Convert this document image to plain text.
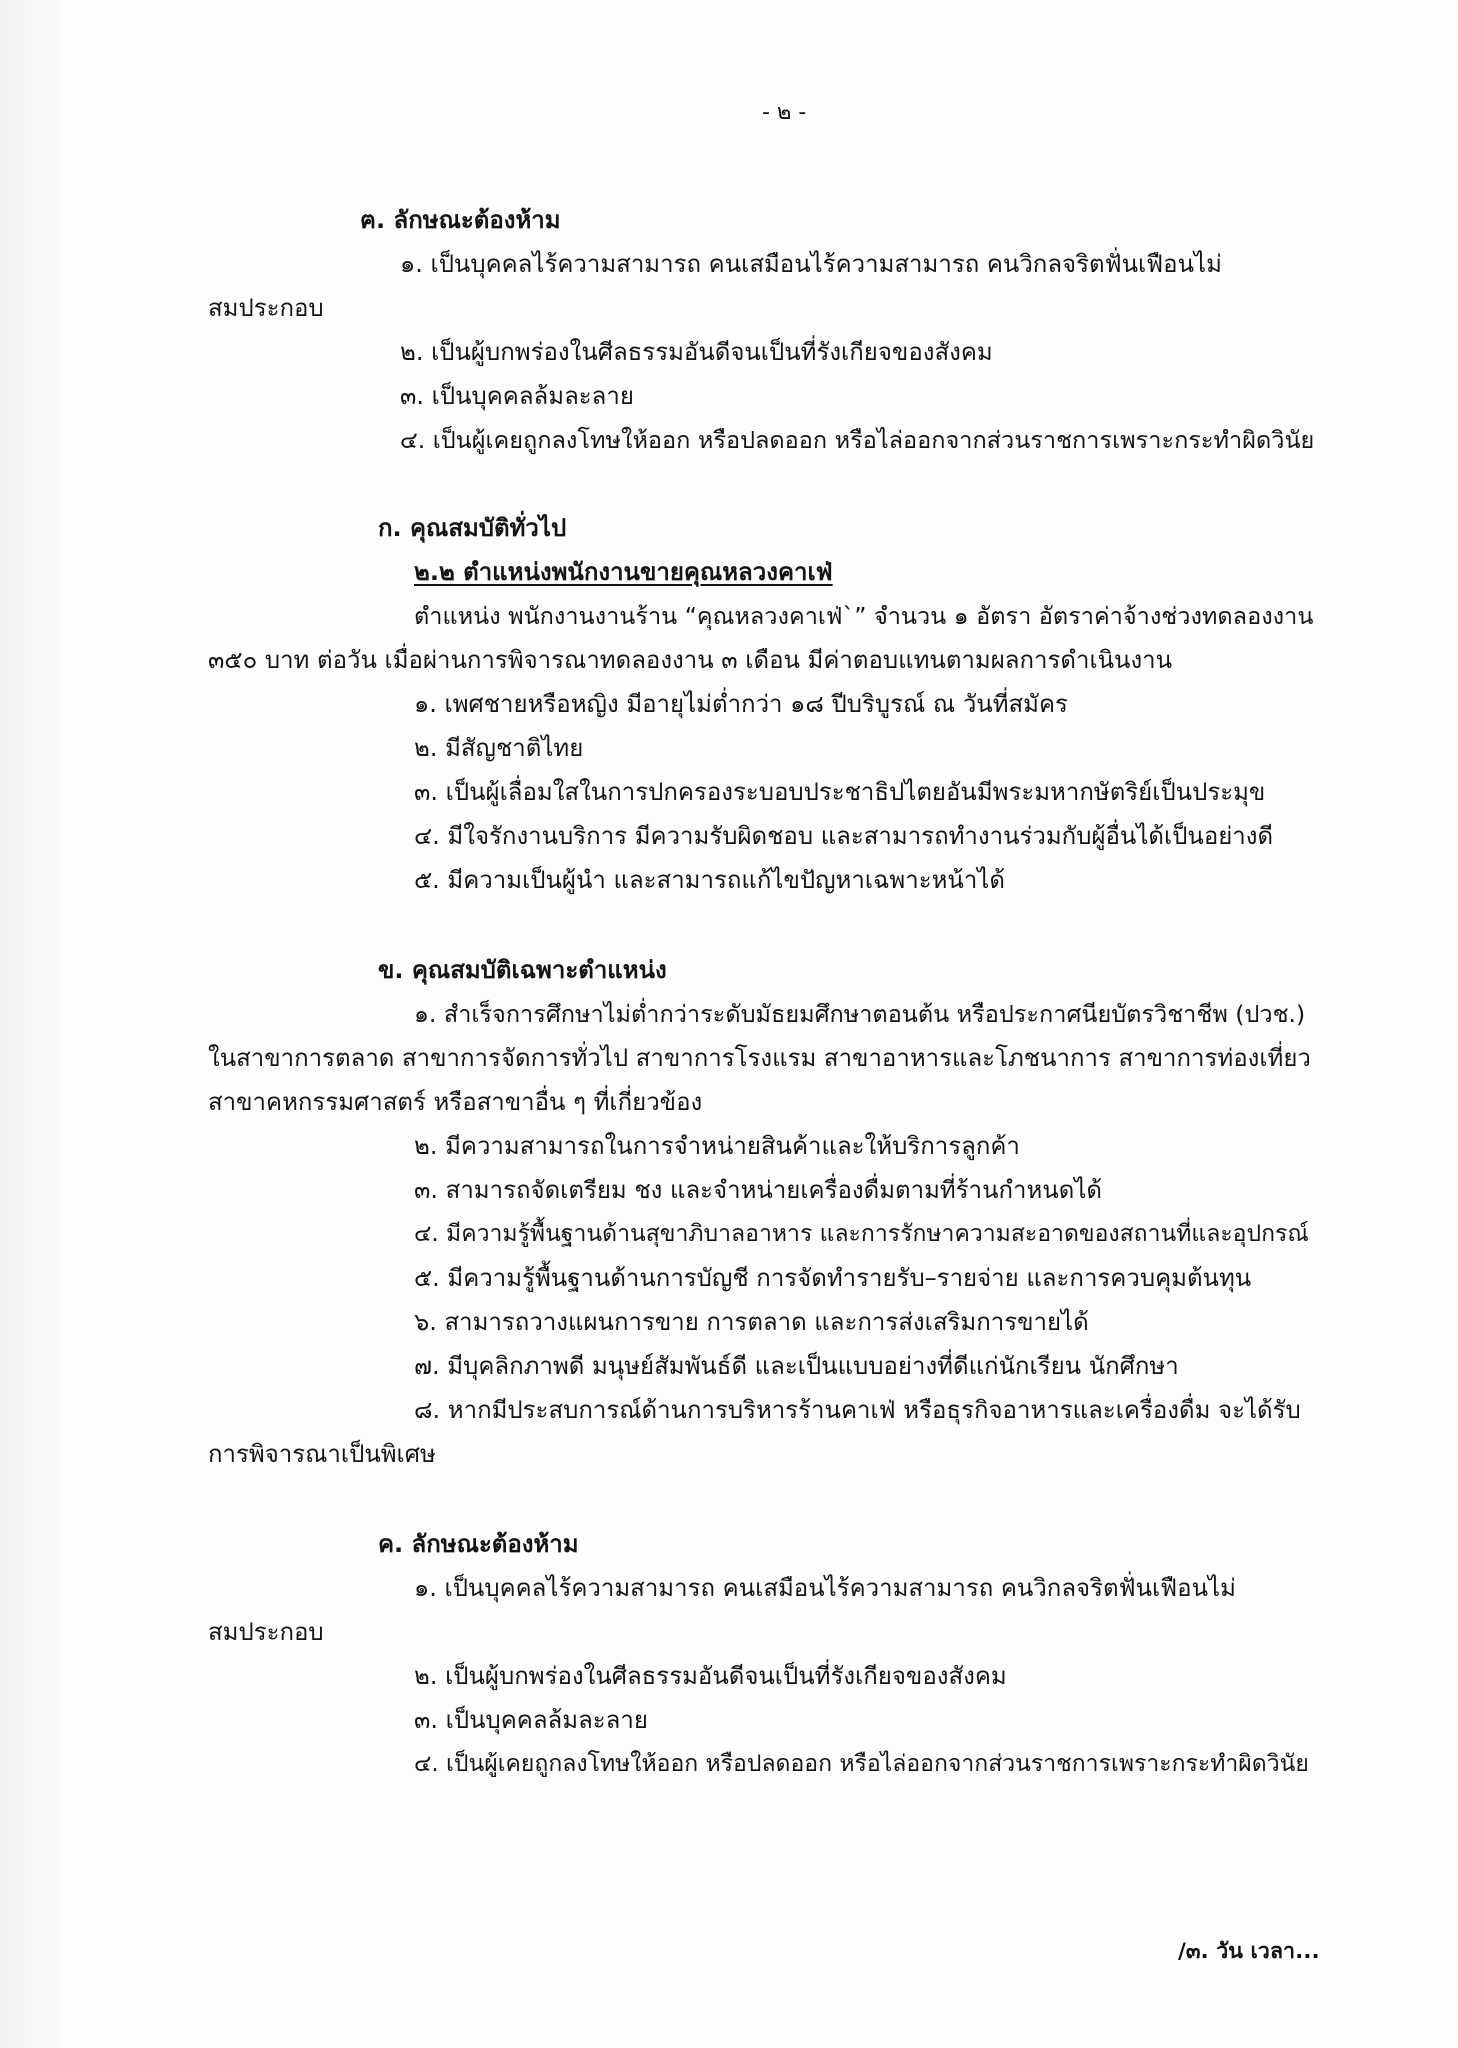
- ๒ -
ฅ. ลักษณะต้องห้าม
๑. เป็นบุคคลไร้ความสามารถ คนเสมือนไร้ความสามารถ คนวิกลจริตฟั่นเฟือนไม่
สมประกอบ
๒. เป็นผู้บกพร่องในศีลธรรมอันดีจนเป็นที่รังเกียจของสังคม
๓. เป็นบุคคลล้มละลาย
๔. เป็นผู้เคยถูกลงโทษให้ออก หรือปลดออก หรือไล่ออกจากส่วนราชการเพราะกระทำผิดวินัย
ก. คุณสมบัติทั่วไป
๒.๒ ตำแหน่งพนักงานขายคุณหลวงคาเฟ่
ตำแหน่ง พนักงานงานร้าน “คุณหลวงคาเฟ่`” จำนวน ๑ อัตรา อัตราค่าจ้างช่วงทดลองงาน
๓๕๐ บาท ต่อวัน เมื่อผ่านการพิจารณาทดลองงาน ๓ เดือน มีค่าตอบแทนตามผลการดำเนินงาน
๑. เพศชายหรือหญิง มีอายุไม่ต่ำกว่า ๑๘ ปีบริบูรณ์ ณ วันที่สมัคร
๒. มีสัญชาติไทย
๓. เป็นผู้เลื่อมใสในการปกครองระบอบประชาธิปไตยอันมีพระมหากษัตริย์เป็นประมุข
๔. มีใจรักงานบริการ มีความรับผิดชอบ และสามารถทำงานร่วมกับผู้อื่นได้เป็นอย่างดี
๕. มีความเป็นผู้นำ และสามารถแก้ไขปัญหาเฉพาะหน้าได้
ข. คุณสมบัติเฉพาะตำแหน่ง
๑. สำเร็จการศึกษาไม่ต่ำกว่าระดับมัธยมศึกษาตอนต้น หรือประกาศนียบัตรวิชาชีพ (ปวช.)
ในสาขาการตลาด สาขาการจัดการทั่วไป สาขาการโรงแรม สาขาอาหารและโภชนาการ สาขาการท่องเที่ยว
สาขาคหกรรมศาสตร์ หรือสาขาอื่น ๆ ที่เกี่ยวข้อง
๒. มีความสามารถในการจำหน่ายสินค้าและให้บริการลูกค้า
๓. สามารถจัดเตรียม ชง และจำหน่ายเครื่องดื่มตามที่ร้านกำหนดได้
๔. มีความรู้พื้นฐานด้านสุขาภิบาลอาหาร และการรักษาความสะอาดของสถานที่และอุปกรณ์
๕. มีความรู้พื้นฐานด้านการบัญชี การจัดทำรายรับ–รายจ่าย และการควบคุมต้นทุน
๖. สามารถวางแผนการขาย การตลาด และการส่งเสริมการขายได้
๗. มีบุคลิกภาพดี มนุษย์สัมพันธ์ดี และเป็นแบบอย่างที่ดีแก่นักเรียน นักศึกษา
๘. หากมีประสบการณ์ด้านการบริหารร้านคาเฟ่ หรือธุรกิจอาหารและเครื่องดื่ม จะได้รับ
การพิจารณาเป็นพิเศษ
ค. ลักษณะต้องห้าม
๑. เป็นบุคคลไร้ความสามารถ คนเสมือนไร้ความสามารถ คนวิกลจริตฟั่นเฟือนไม่
สมประกอบ
๒. เป็นผู้บกพร่องในศีลธรรมอันดีจนเป็นที่รังเกียจของสังคม
๓. เป็นบุคคลล้มละลาย
๔. เป็นผู้เคยถูกลงโทษให้ออก หรือปลดออก หรือไล่ออกจากส่วนราชการเพราะกระทำผิดวินัย
/๓. วัน เวลา...
